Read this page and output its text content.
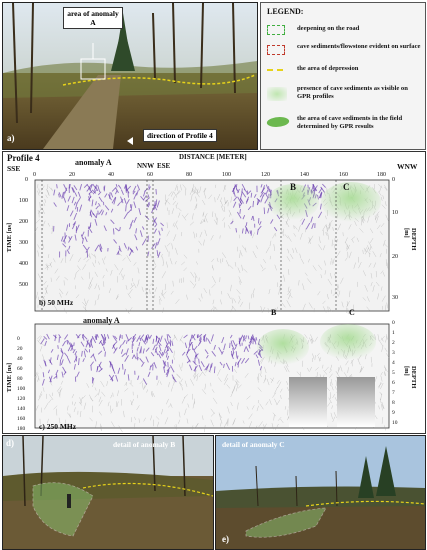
area of anomaly A
direction of Profile 4
a)
LEGEND:
deepening on the road
cave sediments/flowstone evident on surface
the area of depression
presence of cave sediments as visible on GPR profiles
the area of cave sediments in the field determined by GPR results
Profile 4
SSE
anomaly A	NNW ESE
DISTANCE [METER]
WNW
B	C
0	20	40	60	80	100	120	140	160	180
TIME [ns]	DEPTH [m]
0
100
200
300
400
500
0
10
20
30
b) 50 MHz
anomaly A
B	C
TIME [ns]	DEPTH [m]
c) 250 MHz
0
20
40
60
80
100
120
140
160
180
0
1
2
3
4
5
6
7
8
9
10
d)	detail of anomaly B	detail of anomaly C
e)
